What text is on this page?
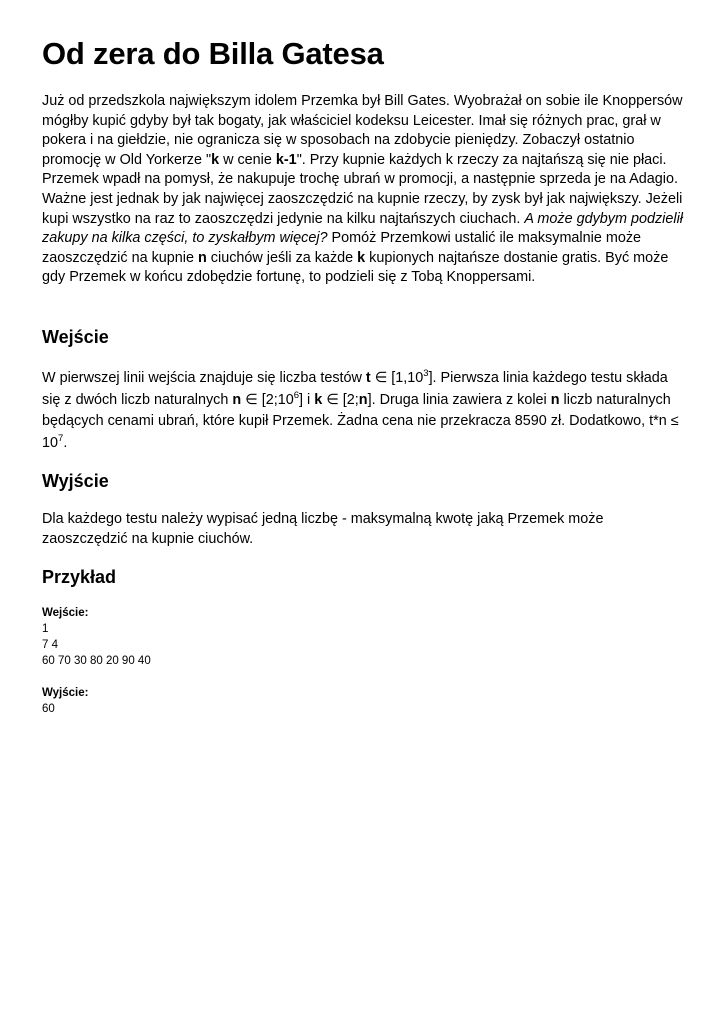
Od zera do Billa Gatesa

Już od przedszkola największym idolem Przemka był Bill Gates. Wyobrażał on sobie ile Knoppersów mógłby kupić gdyby był tak bogaty, jak właściciel kodeksu Leicester. Imał się różnych prac, grał w pokera i na giełdzie, nie ogranicza się w sposobach na zdobycie pieniędzy. Zobaczył ostatnio promocję w Old Yorkerze "k w cenie k-1". Przy kupnie każdych k rzeczy za najtańszą się nie płaci. Przemek wpadł na pomysł, że nakupuje trochę ubrań w promocji, a następnie sprzeda je na Adagio. Ważne jest jednak by jak najwięcej zaoszczędzić na kupnie rzeczy, by zysk był jak największy. Jeżeli kupi wszystko na raz to zaoszczędzi jedynie na kilku najtańszych ciuchach. A może gdybym podzielił zakupy na kilka części, to zyskałbym więcej? Pomóż Przemkowi ustalić ile maksymalnie może zaoszczędzić na kupnie n ciuchów jeśli za każde k kupionych najtańsze dostanie gratis. Być może gdy Przemek w końcu zdobędzie fortunę, to podzieli się z Tobą Knoppersami.

Wejście

W pierwszej linii wejścia znajduje się liczba testów t ∈ [1,10$^3$]. Pierwsza linia każdego testu składa się z dwóch liczb naturalnych n ∈ $[2;10^6]$ i k ∈ [2;n]. Druga linia zawiera z kolei n liczb naturalnych będących cenami ubrań, które kupił Przemek. Żadna cena nie przekracza 8590 zł. Dodatkowo, $t*n \le 10^7$.

Wyjście

Dla każdego testu należy wypisać jedną liczbę - maksymalną kwotę jaką Przemek może zaoszczędzić na kupnie ciuchów.

Przykład
Wejście:
1
7 4
60 70 30 80 20 90 40
Wyjście:
60
